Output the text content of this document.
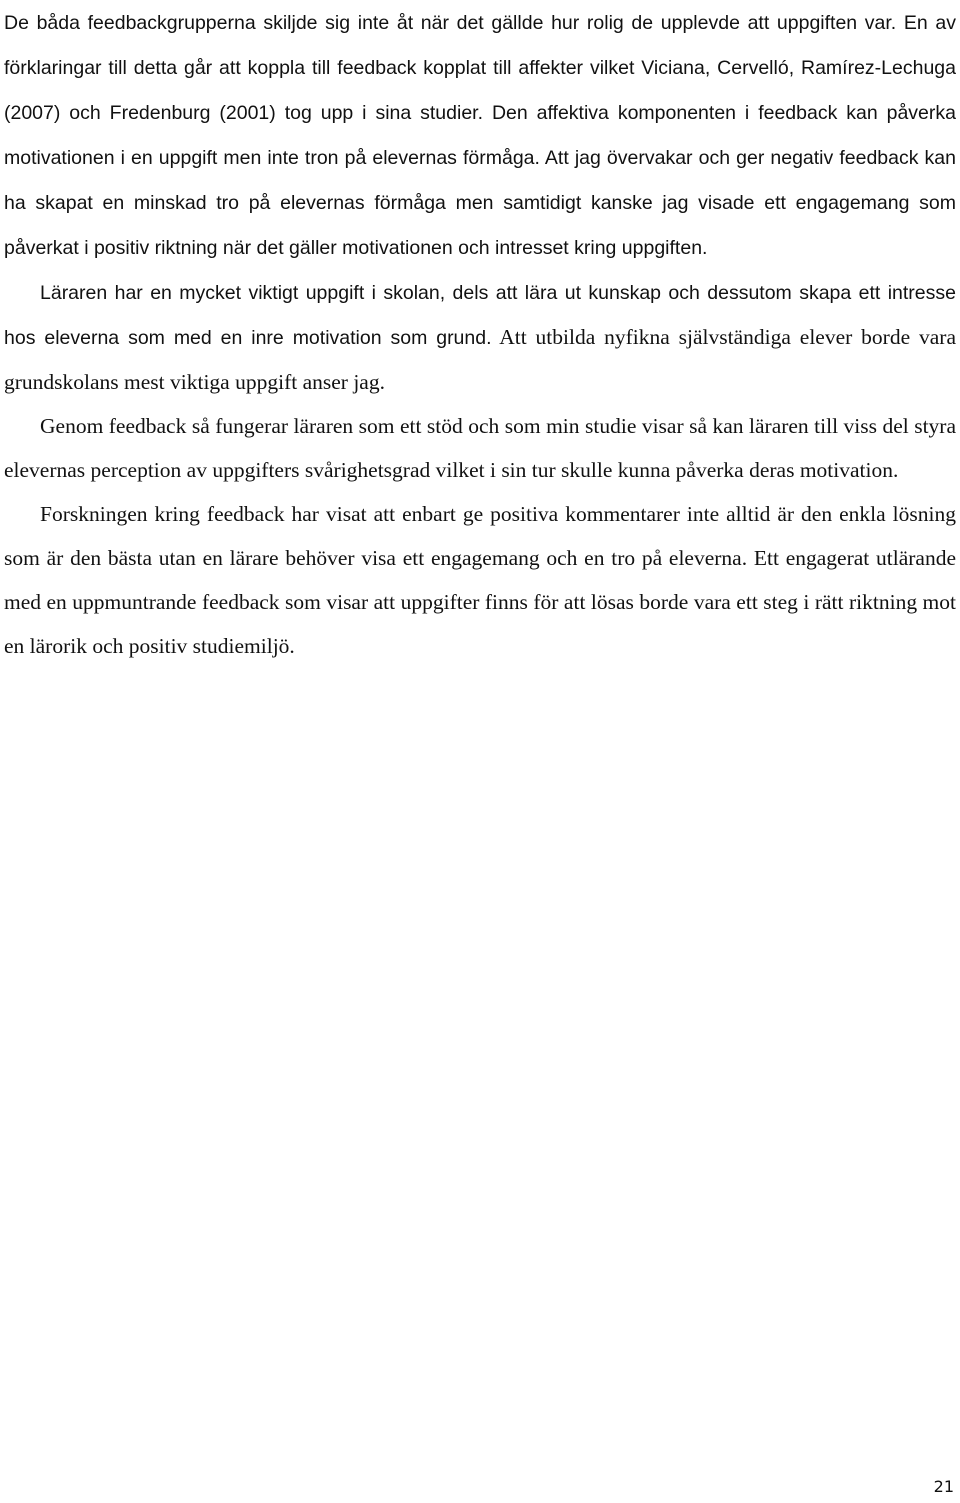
De båda feedbackgrupperna skiljde sig inte åt när det gällde hur rolig de upplevde att uppgiften var. En av förklaringar till detta går att koppla till feedback kopplat till affekter vilket Viciana, Cervelló, Ramírez-Lechuga (2007) och Fredenburg (2001) tog upp i sina studier. Den affektiva komponenten i feedback kan påverka motivationen i en uppgift men inte tron på elevernas förmåga. Att jag övervakar och ger negativ feedback kan ha skapat en minskad tro på elevernas förmåga men samtidigt kanske jag visade ett engagemang som påverkat i positiv riktning när det gäller motivationen och intresset kring uppgiften.

Läraren har en mycket viktigt uppgift i skolan, dels att lära ut kunskap och dessutom skapa ett intresse hos eleverna som med en inre motivation som grund. Att utbilda nyfikna självständiga elever borde vara grundskolans mest viktiga uppgift anser jag.

Genom feedback så fungerar läraren som ett stöd och som min studie visar så kan läraren till viss del styra elevernas perception av uppgifters svårighetsgrad vilket i sin tur skulle kunna påverka deras motivation.

Forskningen kring feedback har visat att enbart ge positiva kommentarer inte alltid är den enkla lösning som är den bästa utan en lärare behöver visa ett engagemang och en tro på eleverna. Ett engagerat utlärande med en uppmuntrande feedback som visar att uppgifter finns för att lösas borde vara ett steg i rätt riktning mot en lärorik och positiv studiemiljö.

21
